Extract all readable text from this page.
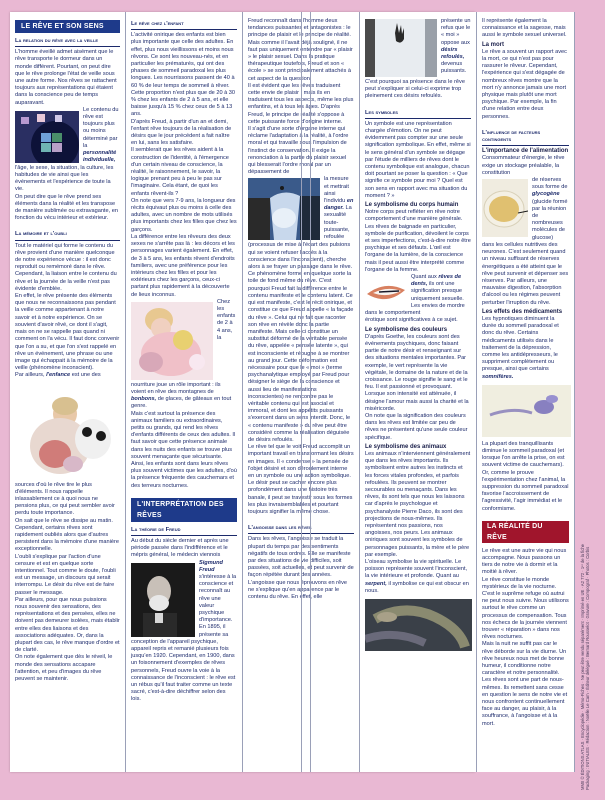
LE RÊVE ET SON SENS
La relation du rêve avec la veille

L'homme éveillé admet aisément que le rêve transporte le dormeur dans un monde différent. Pourtant, on peut dire que le rêve prolonge l'état de veille sous une autre forme. Nos rêves se rattachent toujours aux représentations qui étaient dans la conscience peu de temps auparavant.

Le contenu du rêve est toujours plus ou moins déterminé par la personnalité individuelle,

l'âge, le sexe, la situation, la culture, les habitudes de vie ainsi que les événements et l'expérience de toute la vie.

On peut dire que le rêve prend ses éléments dans la réalité et les transpose de manière sublimée ou extravagante, en fonction du vécu intérieur et extérieur.

La mémoire et l'oubli

Tout le matériel qui forme le contenu du rêve provient d'une manière quelconque de notre expérience vécue : il est donc reproduit ou remémoré dans le rêve. Cependant, la liaison entre le contenu du rêve et la journée de la veille n'est pas évidente d'emblée.

En effet, le rêve présente des éléments que nous ne reconnaissons pas pendant la veille comme appartenant à notre savoir et à notre expérience. On se souvient d'avoir rêvé, ce dont il s'agit, mais on ne se rappelle pas quand ni comment on l'a vécu. Il faut donc convenir que l'on a su, et que l'on s'est rappelé en rêve un événement, une phrase ou une image qui échappait à la mémoire de la veille (phénomène inconscient).

Par ailleurs, l'enfance est une des

sources d'où le rêve tire le plus d'éléments. Il nous rappelle inlassablement ce à quoi nous ne pensions plus, ce qui peut sembler avoir perdu toute importance.

On sait que le rêve se dissipe au matin. Cependant, certains rêves sont rapidement oubliés alors que d'autres persistent dans la mémoire d'une manière exceptionnelle.

L'oubli s'explique par l'action d'une censure et est en quelque sorte intentionnel. Tout comme le doute, l'oubli est un message, un discours qui serait interrompu. Le désir du rêve est de faire passer le message.

Par ailleurs, pour que nous puissions nous souvenir des sensations, des représentations et des pensées, elles ne doivent pas demeurer isolées, mais établir entre elles des liaisons et des associations adéquates. Or, dans la plupart des cas, le rêve manque d'ordre et de clarté.

On note également que dès le réveil, le monde des sensations accapare l'attention, et peu d'images du rêve peuvent se maintenir.

Le rêve chez l'enfant

L'activité onirique des enfants est bien plus importante que celle des adultes. En effet, plus nous vieillissons et moins nous rêvons. Ce sont les nouveau-nés, et en particulier les prématurés, qui ont des phases de sommeil paradoxal les plus longues. Les nourrissons passent de 40 à 60 % de leur temps de sommeil à rêver. Cette proportion n'est plus que de 20 à 30 % chez les enfants de 2 à 5 ans, et elle baisse jusqu'à 15 % chez ceux de 5 à 13 ans.

D'après Freud, à partir d'un an et demi, l'enfant rêve toujours de la réalisation de désirs que le jour précédent a fait naître en lui, sans les satisfaire.

Il semblerait que les rêves aident à la construction de l'identité, à l'émergence d'un certain niveau de conscience, la réalité, le raisonnement, le savoir, la logique prenant peu à peu le pas sur l'imaginaire. Cela étant, de quoi les enfants rêvent-ils ?

On note que vers 7-9 ans, la longueur des récits équivaut plus ou moins à celle des adultes, avec un nombre de mots utilisés plus importants chez les filles que chez les garçons.

La différence entre les rêveurs des deux sexes ne s'arrête pas là : les décors et les personnages varient également. En effet, de 3 à 5 ans, les enfants rêvent d'endroits familiers, avec une préférence pour les intérieurs chez les filles et pour les extérieurs chez les garçons, ceux-ci partant plus rapidement à la découverte de lieux inconnus.

Chez les enfants de 2 à 4 ans, la nourriture joue un rôle important : ils voient en rêve des montagnes de bonbons, de glaces, de gâteaux en tout genre.

Mais c'est surtout la présence des animaux familiers ou extraordinaires, petits ou grands, qui rend les rêves d'enfants différents de ceux des adultes. Il faut savoir que cette présence animale dans les nuits des enfants se trouve plus souvent menaçante que sécurisante. Ainsi, les enfants sont dans leurs rêves plus souvent victimes que les adultes, d'où la présence fréquente des cauchemars et des terreurs nocturnes.

L'INTERPRÉTATION DES RÊVES
La théorie de Freud

Au début du siècle dernier et après une période passée dans l'indifférence et le mépris général, le médecin viennois

Sigmund Freud s'intéresse à la conscience et reconnaît au rêve une valeur psychique d'importance. En 1895, il présente sa

conception de l'appareil psychique, appareil repris et remanié plusieurs fois jusqu'en 1920. Cependant, en 1900, dans un foisonnement d'exemples de rêves personnels, Freud ouvre la voie à la connaissance de l'inconscient : le rêve est un rébus qu'il faut traiter comme un texte sacré, c'est-à-dire déchiffrer selon des lois.

Freud reconnaît dans l'homme deux tendances puissantes et antagonistes : le principe de plaisir et le principe de réalité. Mais comme il l'avait déjà souligné, il ne faut pas uniquement entendre par « plaisir » le plaisir sexuel. Dans la pratique thérapeutique toutefois, Freud et son « école » se sont principalement attachés à cet aspect de la question.

Il est évident que les rêves traduisent cette envie de plaisir ; mais ils en traduisent tous les aspects, même les plus enfantins, et à tous les âges. D'après Freud, le principe de réalité s'oppose à cette puissante force d'origine interne.

Il s'agit d'une sorte d'organe interne qui réclame l'adaptation à la réalité, à l'ordre moral et qui travaille sous l'impulsion de l'instinct de conservation. Il exige la renonciation à la partie du plaisir sexuel qui blesserait l'ordre moral par un dépassement de

la mesure et mettrait ainsi l'individu en danger. La sexualité toute-puissante, refoulée

(processus de mise à l'écart des pulsions qui se voient refuser l'accès à la conscience dans l'inconscient), cherche alors à se frayer un passage dans le rêve. Ce phénomène forme en quelque sorte la toile de fond même du rêve. C'est pourquoi Freud fait la différence entre le contenu manifeste et le contenu latent. Ce qui est manifeste, c'est le récit onirique, et constitue ce que Freud appelle « la façade du rêve ». Celui qui ne fait que raconter son rêve en révèle donc la partie manifeste. Mais celle-ci constitue un substitut déformé de la véritable pensée du rêve, appelée « pensée latente », qui est inconsciente et répugne à se montrer au grand jour. Cette déformation est nécessaire pour que le « moi » (terme psychanalytique employé par Freud pour désigner le siège de la conscience et aussi lieu de manifestations inconscientes) ne rencontre pas le véritable contenu qui est asocial et immoral, et dont les appétits puissants s'exercent dans un sens interdit. Donc, le « contenu manifeste » du rêve peut être considéré comme la réalisation déguisée de désirs refoulés.

Le rêve tel que le voit Freud accomplit un important travail en transformant les désirs en images. Il « condense » la pensée de l'objet désiré et son déroulement interne en un symbole ou une action symbolique. Le désir peut se cacher encore plus profondément dans une histoire très banale, il peut se travestir sous les formes les plus invraisemblables et pourtant toujours signifier la même chose.

L'angoisse dans les rêves

Dans les rêves, l'angoisse se traduit la plupart du temps par des sentiments négatifs de tous ordres. Elle se manifeste par des situations de vie difficiles, soit passées, soit actuelles, et peut survenir de façon répétée durant des années.

L'angoisse que nous éprouvons en rêve ne s'explique qu'en apparence par le contenu du rêve. En effet, elle

présente un refus que le « moi » oppose aux désirs refoulés, devenus puissants.

C'est pourquoi sa présence dans le rêve peut s'expliquer si celui-ci exprime trop pleinement ces désirs refoulés.

Les symboles

Un symbole est une représentation chargée d'émotion. On ne peut évidemment pas compter sur une seule signification symbolique. En effet, même si le sens général d'un symbole se dégage par l'étude de milliers de rêves dont le contenu symbolique est analogue, chacun doit pourtant se poser la question : « Que signifie ce symbole pour moi ? Quel est son sens en rapport avec ma situation du moment ? »

Le symbolisme du corps humain

Notre corps peut refléter en rêve notre comportement d'une manière générale. Les rêves de baignade en particulier, symbole de purification, dévoilent le corps et ses imperfections, c'est-à-dire notre être psychique et ses défauts. L'œil est l'organe de la lumière, de la conscience mais il peut aussi être interprété comme l'organe de la femme.

Quant aux rêves de dents, ils ont une signification presque uniquement sexuelle. Les envies de mordre dans le comportement

érotique sont significatives à ce sujet.

Le symbolisme des couleurs

D'après Goethe, les couleurs sont des événements psychiques, donc faisant partie de notre désir et renseignant sur des situations mentales importantes. Par exemple, le vert représente la vie végétale, le domaine de la nature et de la croissance. Le rouge signifie le sang et le feu. Il est passionné et provoquant. Lorsque son intensité est atténuée, il désigne l'amour mais aussi la charité et la miséricorde.

On note que la signification des couleurs dans les rêves est limitée car peu de rêves ne présentent qu'une seule couleur spécifique.

Le symbolisme des animaux

Les animaux n'interviennent généralement que dans les rêves importants. Ils symbolisent entre autres les instincts et les forces vitales profondes, et parfois refoulées. Ils peuvent se montrer secourables ou menaçants. Dans les rêves, ils sont tels que nous les laissons car d'après le psychologue et psychanalyste Pierre Daco, ils sont des projections de nous-mêmes. Ils représentent nos passions, nos angoisses, nos peurs. Les animaux oniriques sont souvent les symboles de personnages puissants, la mère et le père par exemple.

L'oiseau symbolise la vie spirituelle. Le poisson représente souvent l'inconscient, la vie intérieure et profonde. Quant au serpent, il symbolise ce qui est obscur en nous.

Il représente également la connaissance et la sagesse, mais aussi le symbole sexuel universel.

La mort

Le rêve a souvent un rapport avec la mort, ce qui n'est pas pour rassurer le rêveur. Cependant, l'expérience qui s'est dégagée de nombreux rêves montre que la mort n'y annonce jamais une mort physique mais plutôt une mort psychique. Par exemple, la fin d'une relation entre deux personnes.

L'influence de facteurs contingents
L'importance de l'alimentation

Consommateur d'énergie, le rêve exige un stockage préalable, la constitution

de réserves sous forme de glycogène (glucide formé par la réunion de nombreuses molécules de glucose)

dans les cellules nutritives des neurones. C'est seulement quand un niveau suffisant de réserves énergétiques a été atteint que le rêve peut survenir et dépenser ses réserves. Par ailleurs, une mauvaise digestion, l'absorption d'alcool ou les régimes peuvent perturber l'irruption du rêve.

Les effets des médicaments

Les hypnotiques diminuent la durée du sommeil paradoxal et donc du rêve. Certains médicaments utilisés dans le traitement de la dépression, comme les antidépresseurs, le suppriment complètement ou presque, ainsi que certains somnifères.

La plupart des tranquillisants diminue le sommeil paradoxal (et lorsque l'on arrête la prise, on est souvent victime de cauchemars). Or, comme le prouve l'expérimentation chez l'animal, la suppression du sommeil paradoxal favorise l'accroissement de l'agressivité, l'agir immédiat et le conformisme.

LA RÉALITÉ DU RÊVE

Le rêve est une autre vie qui nous accompagne. Nous passons un tiers de notre vie à dormir et la moitié à rêver.

Le rêve constitue le monde mystérieux de la vie nocturne. C'est le suprême refuge où autrui ne peut nous suivre. Nous utilisons surtout le rêve comme un processus de compensation. Tous nos échecs de la journée viennent trouver « réparation » dans nos rêves nocturnes.

Mais la nuit ne suffit pas car le rêve déborde sur la vie diurne. Un rêve heureux nous met de bonne humeur, il conditionne notre caractère et notre personnalité.

Les rêves sont une part de nous-mêmes. Ils remettent sans cesse en question le sens de notre vie et nous confrontent continuellement face au danger, au plaisir, à la souffrance, à l'angoisse et à la mort.	MMII © ÉDITIONS ATLAS · Encyclopédie · Mémo-Fiches · Ne peut être vendu séparément · Imprimé en UE · A2 772 · 1ᵉʳ de la fiche Packaging : INITIALES · Rédaction : Noëlle Le Cam · Éditeur délégué : Bernard Rousselot · Gravure : Compograf · Photos : Corbis
